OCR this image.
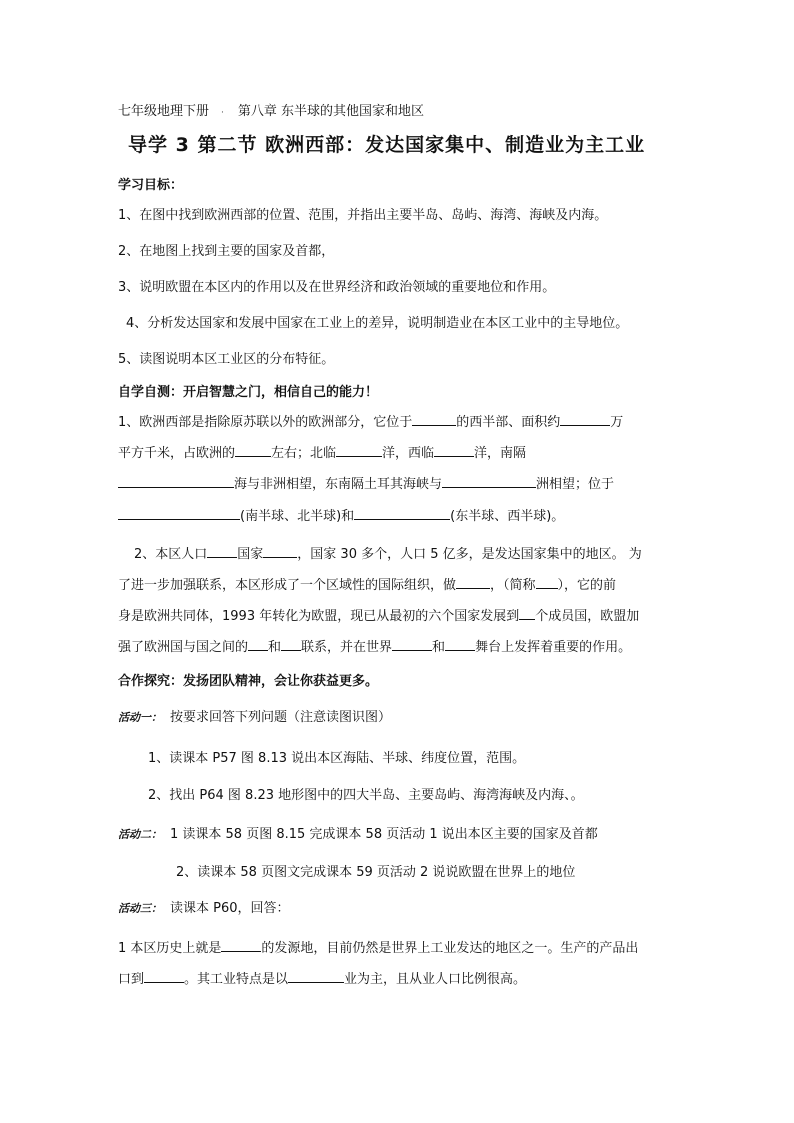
七年级地理下册 · 第八章 东半球的其他国家和地区
导学 3 第二节 欧洲西部：发达国家集中、制造业为主工业
学习目标：
1、在图中找到欧洲西部的位置、范围，并指出主要半岛、岛屿、海湾、海峡及内海。
2、在地图上找到主要的国家及首都，
3、说明欧盟在本区内的作用以及在世界经济和政治领域的重要地位和作用。
4、分析发达国家和发展中国家在工业上的差异，说明制造业在本区工业中的主导地位。
5、读图说明本区工业区的分布特征。
自学自测：开启智慧之门，相信自己的能力！
1、欧洲西部是指除原苏联以外的欧洲部分，它位于	的西半部、面积约	万
平方千米，占欧洲的	左右；北临	洋，西临	洋，南隔
海与非洲相望，东南隔土耳其海峡与	洲相望；位于
(南半球、北半球)和	(东半球、西半球)。
2、本区人口 国家	，国家 30 多个，人口 5 亿多，是发达国家集中的地区。 为
了进一步加强联系，本区形成了一个区域性的国际组织，做	，（简称 ），它的前
身是欧洲共同体，1993 年转化为欧盟，现已从最初的六个国家发展到 个成员国，欧盟加
强了欧洲国与国之间的 和 联系，并在世界	和 舞台上发挥着重要的作用。
合作探究：发扬团队精神，会让你获益更多。
活动一： 按要求回答下列问题（注意读图识图）
1、读课本 P57 图 8.13 说出本区海陆、半球、纬度位置，范围。
2、找出 P64 图 8.23 地形图中的四大半岛、主要岛屿、海湾海峡及内海、。
活动二： 1 读课本 58 页图 8.15 完成课本 58 页活动 1 说出本区主要的国家及首都
2、读课本 58 页图文完成课本 59 页活动 2 说说欧盟在世界上的地位
活动三： 读课本 P60，回答：
1 本区历史上就是	的发源地，目前仍然是世界上工业发达的地区之一。生产的产品出
口到	。其工业特点是以	业为主，且从业人口比例很高。
